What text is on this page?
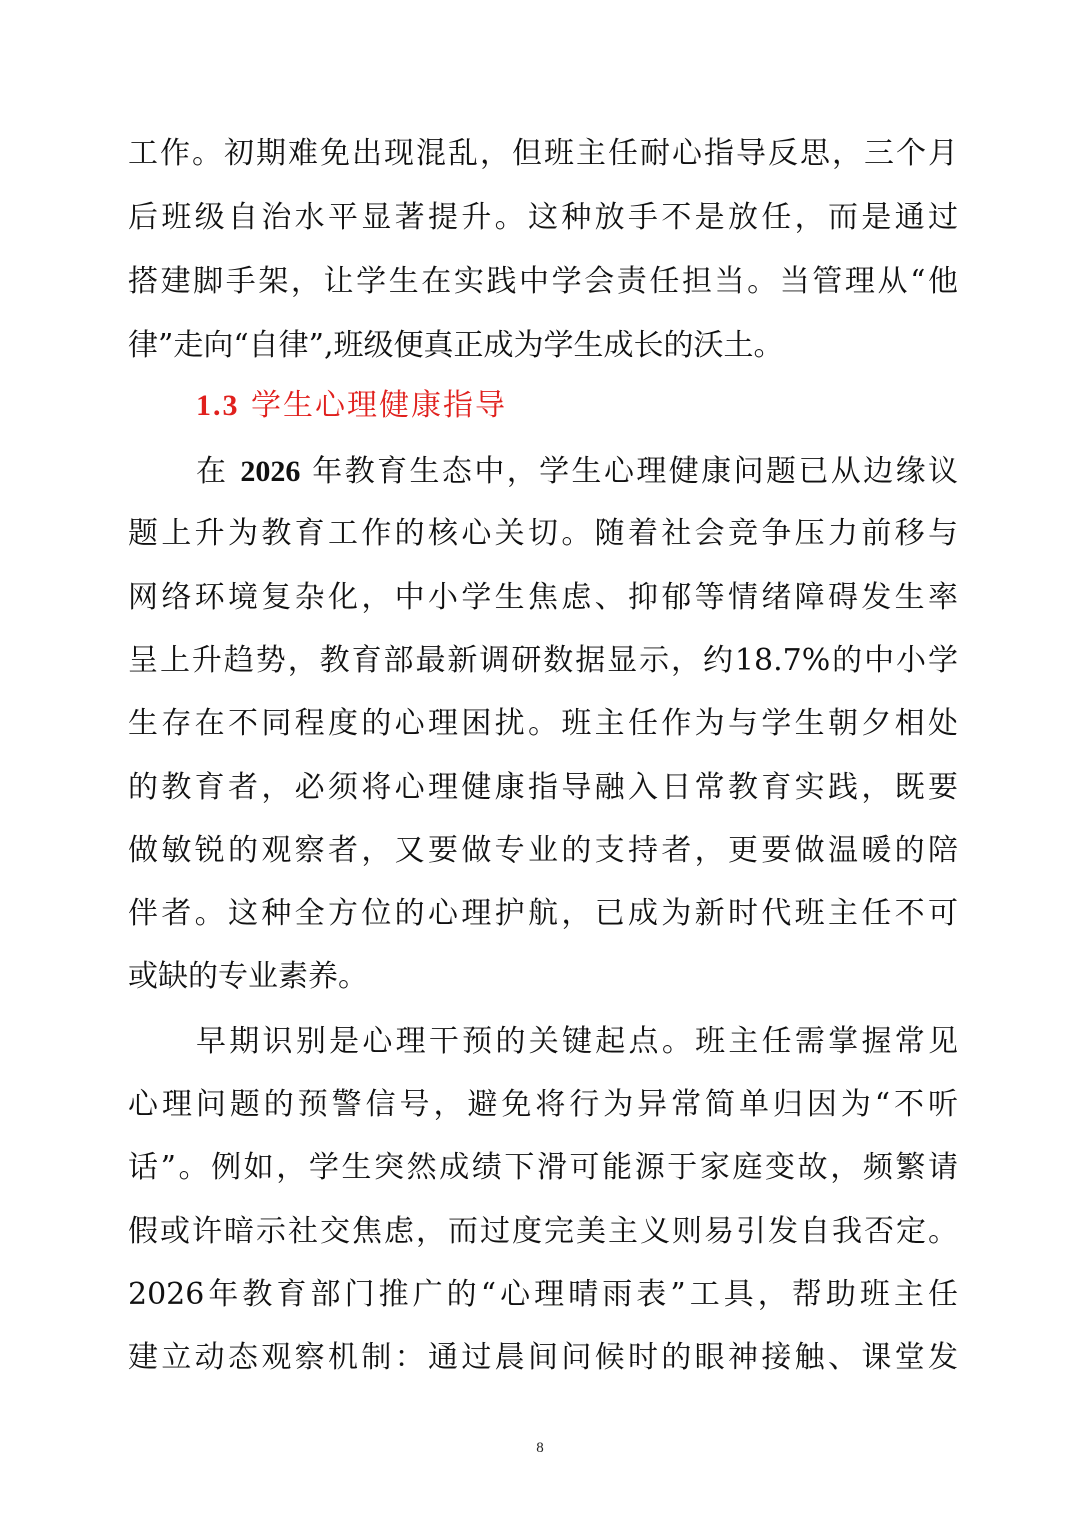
工作。初期难免出现混乱，但班主任耐心指导反思，三个月
后班级自治水平显著提升。这种放手不是放任，而是通过
搭建脚手架，让学生在实践中学会责任担当。当管理从“他
律”走向“自律”,班级便真正成为学生成长的沃土。
1.3 学生心理健康指导
在 2026 年教育生态中，学生心理健康问题已从边缘议
题上升为教育工作的核心关切。随着社会竞争压力前移与
网络环境复杂化，中小学生焦虑、抑郁等情绪障碍发生率
呈上升趋势，教育部最新调研数据显示，约18.7%的中小学
生存在不同程度的心理困扰。班主任作为与学生朝夕相处
的教育者，必须将心理健康指导融入日常教育实践，既要
做敏锐的观察者，又要做专业的支持者，更要做温暖的陪
伴者。这种全方位的心理护航，已成为新时代班主任不可
或缺的专业素养。
早期识别是心理干预的关键起点。班主任需掌握常见
心理问题的预警信号，避免将行为异常简单归因为“不听
话”。例如，学生突然成绩下滑可能源于家庭变故，频繁请
假或许暗示社交焦虑，而过度完美主义则易引发自我否定。
2026年教育部门推广的“心理晴雨表”工具，帮助班主任
建立动态观察机制：通过晨间问候时的眼神接触、课堂发
8
